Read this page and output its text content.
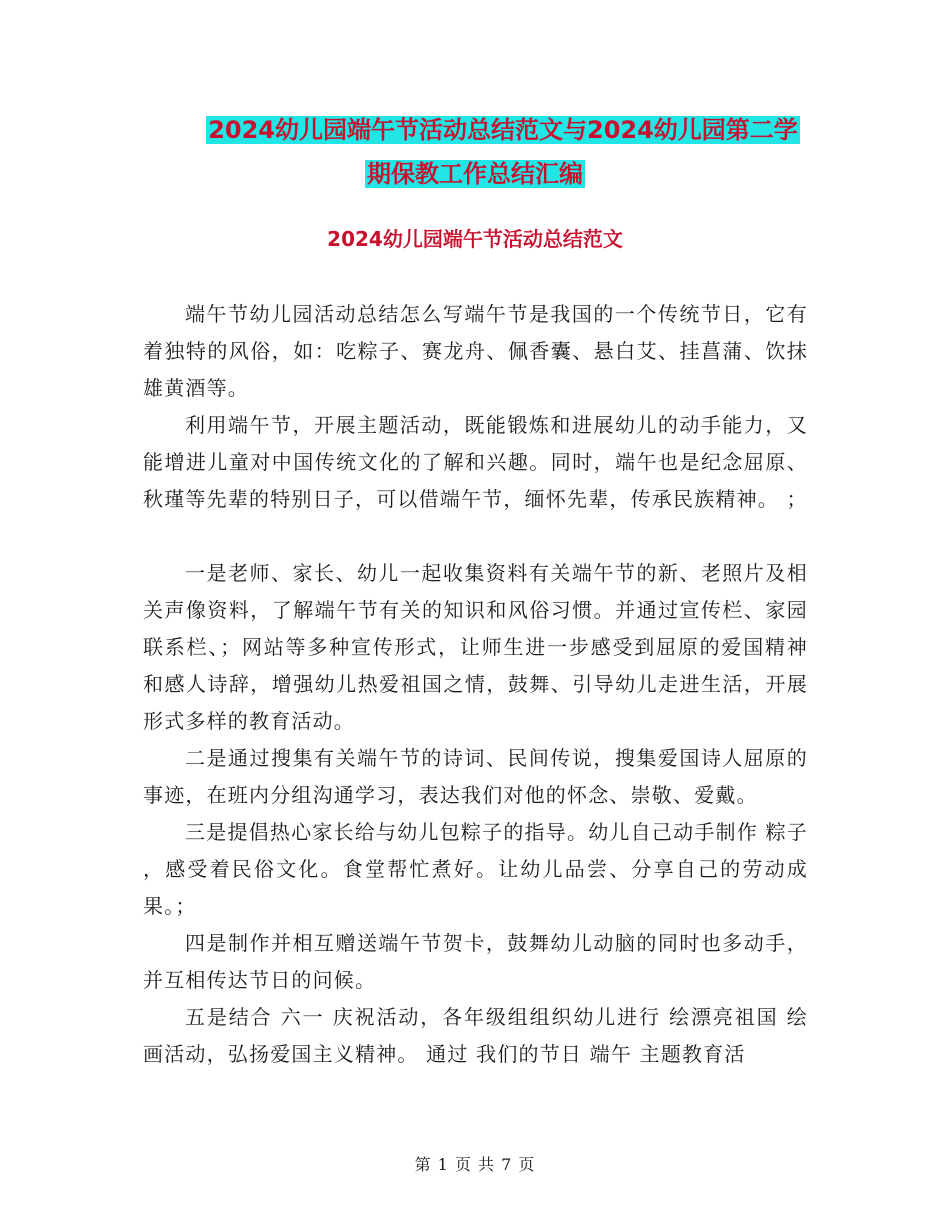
2024幼儿园端午节活动总结范文与2024幼儿园第二学
期保教工作总结汇编
2024幼儿园端午节活动总结范文

端午节幼儿园活动总结怎么写端午节是我国的一个传统节日，它有着独特的风俗，如：吃粽子、赛龙舟、佩香囊、悬白艾、挂菖蒲、饮抹雄黄酒等。

利用端午节，开展主题活动，既能锻炼和进展幼儿的动手能力，又能增进儿童对中国传统文化的了解和兴趣。同时，端午也是纪念屈原、秋瑾等先辈的特别日子，可以借端午节，缅怀先辈，传承民族精神。 ；

一是老师、家长、幼儿一起收集资料有关端午节的新、老照片及相关声像资料，了解端午节有关的知识和风俗习惯。并通过宣传栏、家园联系栏、；网站等多种宣传形式，让师生进一步感受到屈原的爱国精神和感人诗辞，增强幼儿热爱祖国之情，鼓舞、引导幼儿走进生活，开展形式多样的教育活动。

二是通过搜集有关端午节的诗词、民间传说，搜集爱国诗人屈原的事迹，在班内分组沟通学习，表达我们对他的怀念、崇敬、爱戴。

三是提倡热心家长给与幼儿包粽子的指导。幼儿自己动手制作 粽子 ，感受着民俗文化。食堂帮忙煮好。让幼儿品尝、分享自己的劳动成果。；

四是制作并相互赠送端午节贺卡，鼓舞幼儿动脑的同时也多动手，并互相传达节日的问候。

五是结合 六一 庆祝活动，各年级组组织幼儿进行 绘漂亮祖国 绘画活动，弘扬爱国主义精神。 通过 我们的节日 端午 主题教育活

第 1 页 共 7 页
